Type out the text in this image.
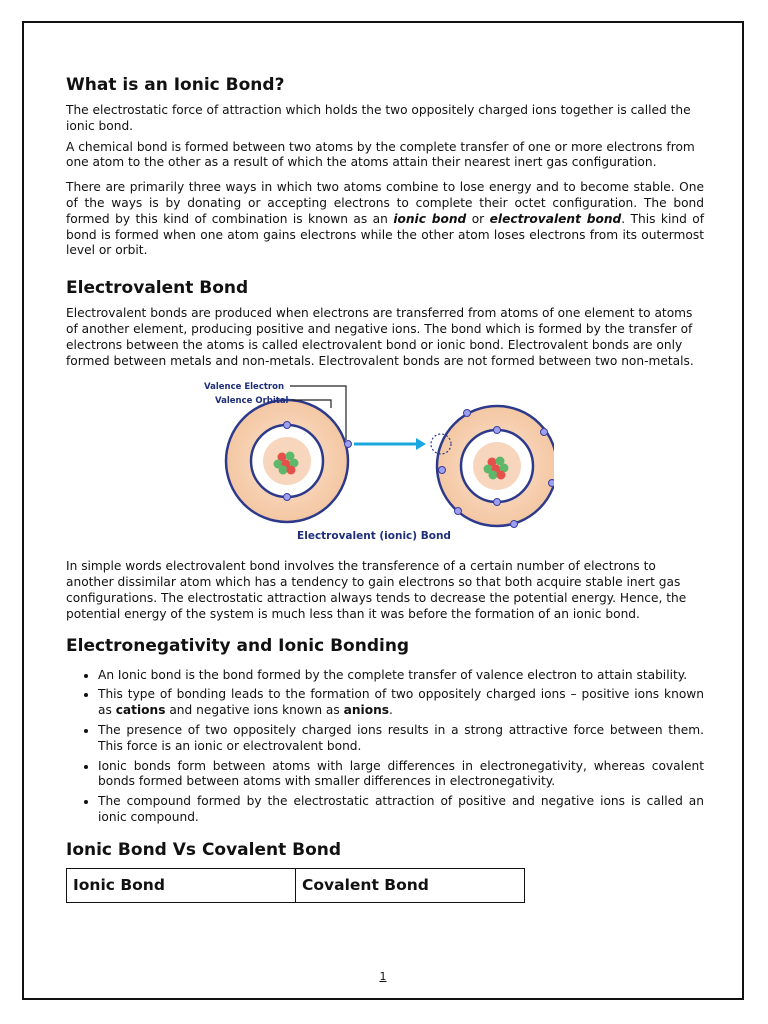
What is an Ionic Bond?

The electrostatic force of attraction which holds the two oppositely charged ions together is called the ionic bond.

A chemical bond is formed between two atoms by the complete transfer of one or more electrons from one atom to the other as a result of which the atoms attain their nearest inert gas configuration.

There are primarily three ways in which two atoms combine to lose energy and to become stable. One of the ways is by donating or accepting electrons to complete their octet configuration. The bond formed by this kind of combination is known as an ionic bond or electrovalent bond. This kind of bond is formed when one atom gains electrons while the other atom loses electrons from its outermost level or orbit.

Electrovalent Bond

Electrovalent bonds are produced when electrons are transferred from atoms of one element to atoms of another element, producing positive and negative ions. The bond which is formed by the transfer of electrons between the atoms is called electrovalent bond or ionic bond. Electrovalent bonds are only formed between metals and non-metals. Electrovalent bonds are not formed between two non-metals.

Valence Electron
Valence Orbital
Electrovalent (ionic) Bond

In simple words electrovalent bond involves the transference of a certain number of electrons to another dissimilar atom which has a tendency to gain electrons so that both acquire stable inert gas configurations. The electrostatic attraction always tends to decrease the potential energy. Hence, the potential energy of the system is much less than it was before the formation of an ionic bond.

Electronegativity and Ionic Bonding
• An Ionic bond is the bond formed by the complete transfer of valence electron to attain stability.
• This type of bonding leads to the formation of two oppositely charged ions – positive ions known as cations and negative ions known as anions.
• The presence of two oppositely charged ions results in a strong attractive force between them. This force is an ionic or electrovalent bond.
• Ionic bonds form between atoms with large differences in electronegativity, whereas covalent bonds formed between atoms with smaller differences in electronegativity.
• The compound formed by the electrostatic attraction of positive and negative ions is called an ionic compound.
Ionic Bond Vs Covalent Bond
Ionic Bond	Covalent Bond
1
